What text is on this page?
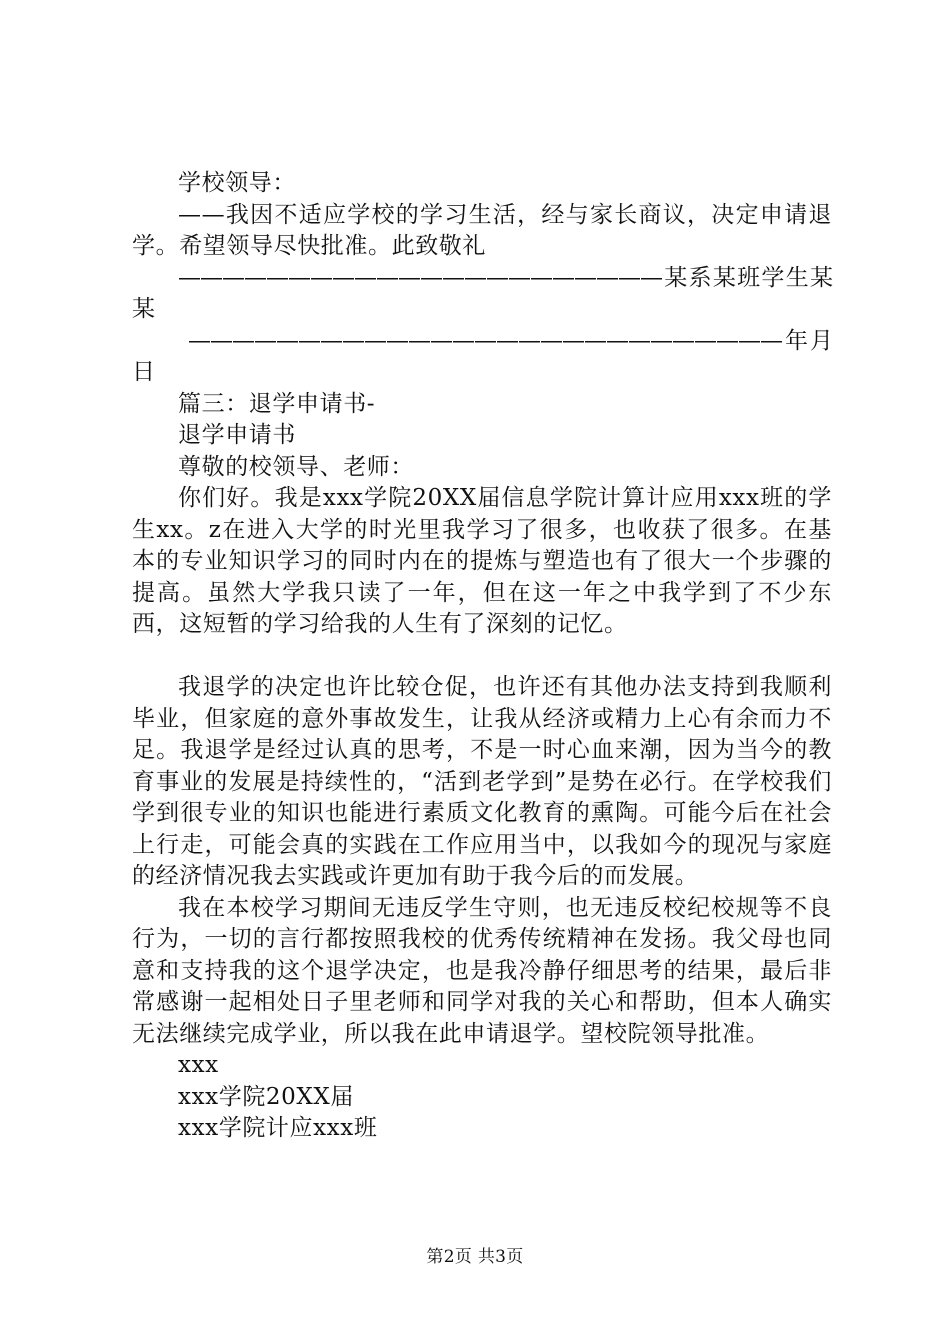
学校领导：

——我因不适应学校的学习生活，经与家长商议，决定申请退学。希望领导尽快批准。此致敬礼

——————————————————————某系某班学生某某

———————————————————————————年月日

篇三：退学申请书-

退学申请书

尊敬的校领导、老师：

你们好。我是xxx学院20XX届信息学院计算计应用xxx班的学生xx。z在进入大学的时光里我学习了很多，也收获了很多。在基本的专业知识学习的同时内在的提炼与塑造也有了很大一个步骤的提高。虽然大学我只读了一年，但在这一年之中我学到了不少东西，这短暂的学习给我的人生有了深刻的记忆。

我退学的决定也许比较仓促，也许还有其他办法支持到我顺利毕业，但家庭的意外事故发生，让我从经济或精力上心有余而力不足。我退学是经过认真的思考，不是一时心血来潮，因为当今的教育事业的发展是持续性的，“活到老学到”是势在必行。在学校我们学到很专业的知识也能进行素质文化教育的熏陶。可能今后在社会上行走，可能会真的实践在工作应用当中，以我如今的现况与家庭的经济情况我去实践或许更加有助于我今后的而发展。

我在本校学习期间无违反学生守则，也无违反校纪校规等不良行为，一切的言行都按照我校的优秀传统精神在发扬。我父母也同意和支持我的这个退学决定，也是我冷静仔细思考的结果，最后非常感谢一起相处日子里老师和同学对我的关心和帮助，但本人确实无法继续完成学业，所以我在此申请退学。望校院领导批准。

xxx

xxx学院20XX届

xxx学院计应xxx班

第2页 共3页
